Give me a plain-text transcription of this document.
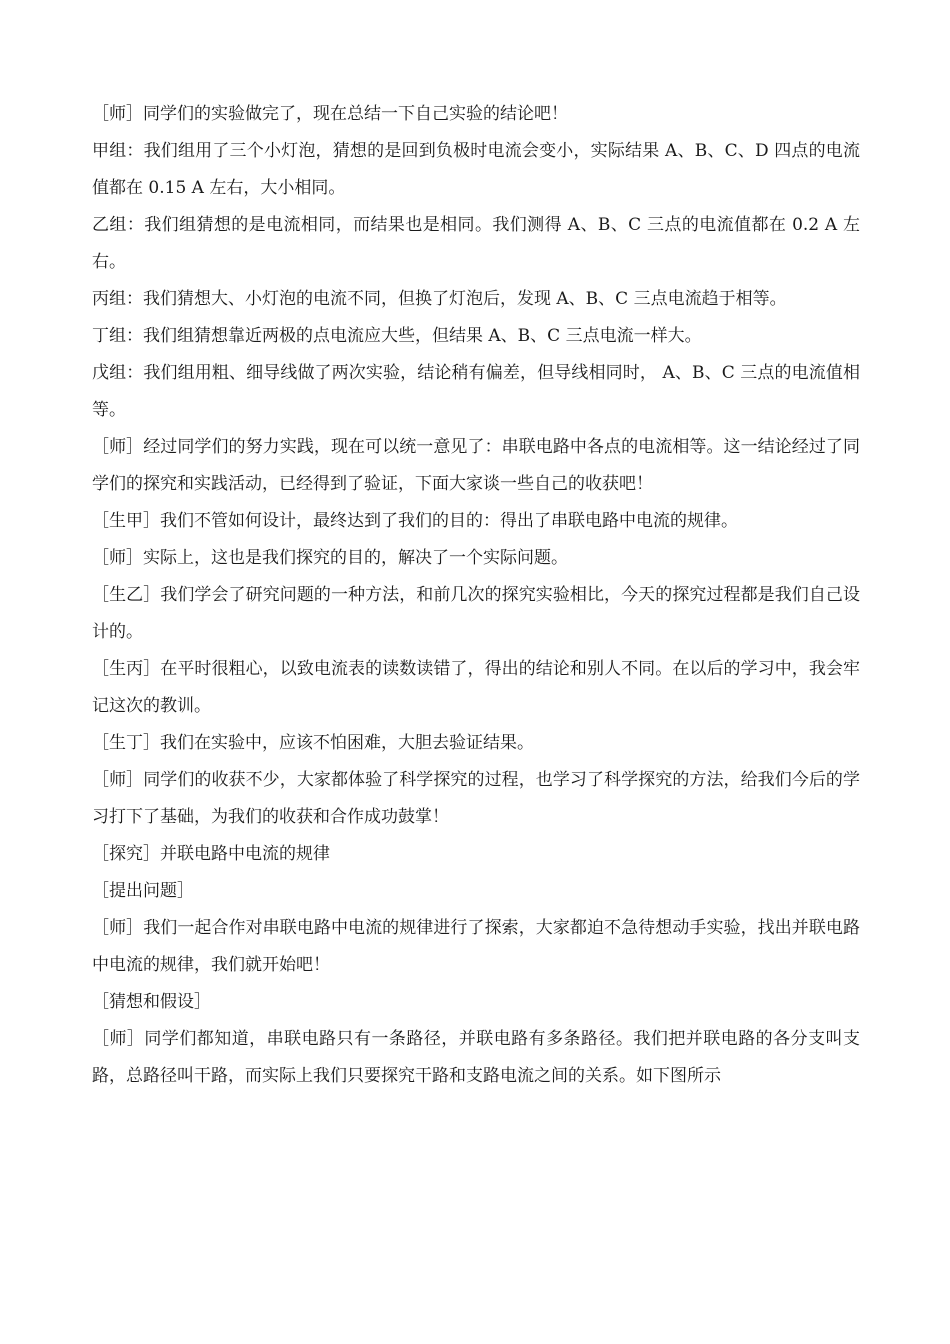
［师］同学们的实验做完了，现在总结一下自己实验的结论吧！

甲组：我们组用了三个小灯泡，猜想的是回到负极时电流会变小，实际结果 A、B、C、D 四点的电流值都在 0.15 A 左右，大小相同。

乙组：我们组猜想的是电流相同，而结果也是相同。我们测得 A、B、C 三点的电流值都在 0.2 A 左右。

丙组：我们猜想大、小灯泡的电流不同，但换了灯泡后，发现 A、B、C 三点电流趋于相等。

丁组：我们组猜想靠近两极的点电流应大些，但结果 A、B、C 三点电流一样大。

戊组：我们组用粗、细导线做了两次实验，结论稍有偏差，但导线相同时， A、B、C 三点的电流值相等。

［师］经过同学们的努力实践，现在可以统一意见了：串联电路中各点的电流相等。这一结论经过了同学们的探究和实践活动，已经得到了验证，下面大家谈一些自己的收获吧！

［生甲］我们不管如何设计，最终达到了我们的目的：得出了串联电路中电流的规律。

［师］实际上，这也是我们探究的目的，解决了一个实际问题。

［生乙］我们学会了研究问题的一种方法，和前几次的探究实验相比，今天的探究过程都是我们自己设计的。

［生丙］在平时很粗心，以致电流表的读数读错了，得出的结论和别人不同。在以后的学习中，我会牢记这次的教训。

［生丁］我们在实验中，应该不怕困难，大胆去验证结果。

［师］同学们的收获不少，大家都体验了科学探究的过程，也学习了科学探究的方法，给我们今后的学习打下了基础，为我们的收获和合作成功鼓掌！

［探究］并联电路中电流的规律

［提出问题］

［师］我们一起合作对串联电路中电流的规律进行了探索，大家都迫不急待想动手实验，找出并联电路中电流的规律，我们就开始吧！

［猜想和假设］

［师］同学们都知道，串联电路只有一条路径，并联电路有多条路径。我们把并联电路的各分支叫支路，总路径叫干路，而实际上我们只要探究干路和支路电流之间的关系。如下图所示
